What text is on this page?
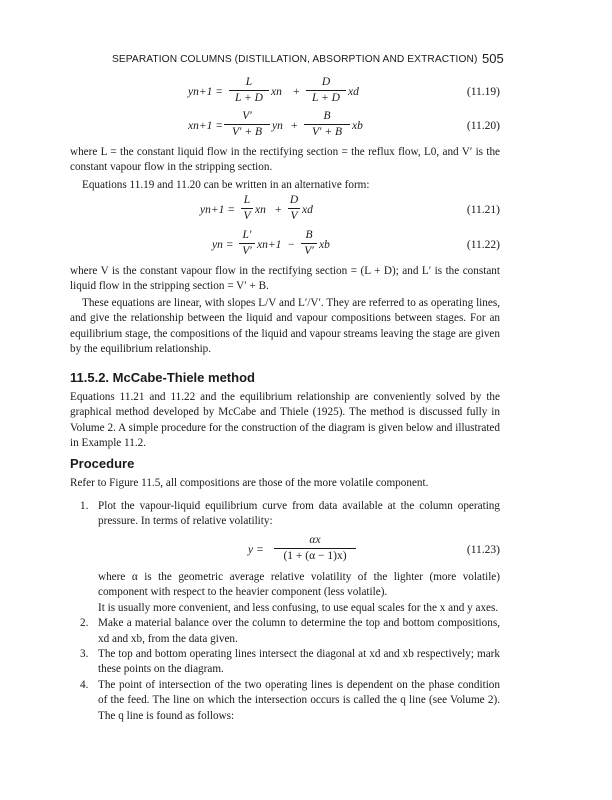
SEPARATION COLUMNS (DISTILLATION, ABSORPTION AND EXTRACTION) 505
yn+1 =
L
L + D xn +
D
L + D xd	(11.19)
xn+1 =
V′
V′ + B yn +
B
V′ + B xb	(11.20)
where L = the constant liquid flow in the rectifying section = the reflux flow, L0, and V′ is the constant vapour flow in the stripping section.
Equations 11.19 and 11.20 can be written in an alternative form:
yn+1 =
L
V xn +
D
V xd	(11.21)
yn =
L′
V′ xn+1 −
B
V′ xb	(11.22)
where V is the constant vapour flow in the rectifying section = (L + D); and L′ is the constant liquid flow in the stripping section = V′ + B.
These equations are linear, with slopes L/V and L′/V′. They are referred to as operating lines, and give the relationship between the liquid and vapour compositions between stages. For an equilibrium stage, the compositions of the liquid and vapour streams leaving the stage are given by the equilibrium relationship.
11.5.2. McCabe-Thiele method
Equations 11.21 and 11.22 and the equilibrium relationship are conveniently solved by the graphical method developed by McCabe and Thiele (1925). The method is discussed fully in Volume 2. A simple procedure for the construction of the diagram is given below and illustrated in Example 11.2.
Procedure
Refer to Figure 11.5, all compositions are those of the more volatile component.
1. Plot the vapour-liquid equilibrium curve from data available at the column operating pressure. In terms of relative volatility:
y =
αx
(1 + (α − 1)x)	(11.23)
where α is the geometric average relative volatility of the lighter (more volatile) component with respect to the heavier component (less volatile).
It is usually more convenient, and less confusing, to use equal scales for the x and y axes.
2. Make a material balance over the column to determine the top and bottom compositions, xd and xb, from the data given.
3. The top and bottom operating lines intersect the diagonal at xd and xb respectively; mark these points on the diagram.
4. The point of intersection of the two operating lines is dependent on the phase condition of the feed. The line on which the intersection occurs is called the q line (see Volume 2). The q line is found as follows:
